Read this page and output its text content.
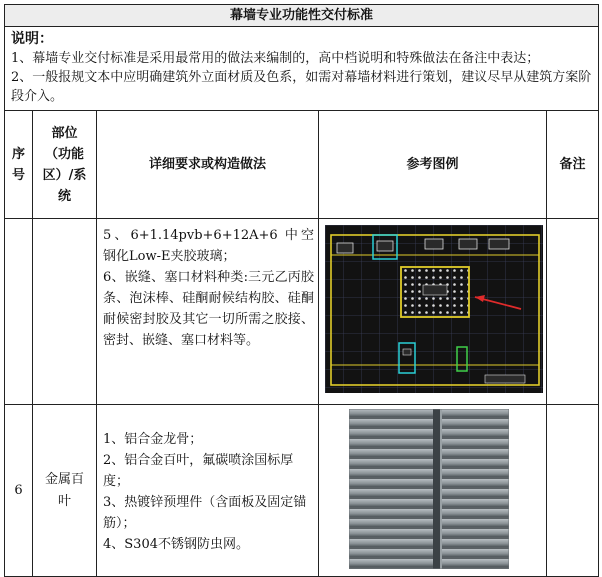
幕墙专业功能性交付标准				

说明：
1、幕墙专业交付标准是采用最常用的做法来编制的，高中档说明和特殊做法在备注中表达；
2、一般报规文本中应明确建筑外立面材质及色系，如需对幕墙材料进行策划，建议尽早从建筑方案阶段介入。				

序号	部位（功能区）/系统	详细要求或构造做法	参考图例	备注

		5、6+1.14pvb+6+12A+6 中空钢化Low-E夹胶玻璃；
6、嵌缝、塞口材料种类:三元乙丙胶条、泡沫棒、硅酮耐候结构胶、硅酮耐候密封胶及其它一切所需之胶接、密封、嵌缝、塞口材料等。

6	金属百叶	1、铝合金龙骨；
2、铝合金百叶，氟碳喷涂国标厚度；
3、热镀锌预埋件（含面板及固定锚筋）；
4、S304不锈钢防虫网。
